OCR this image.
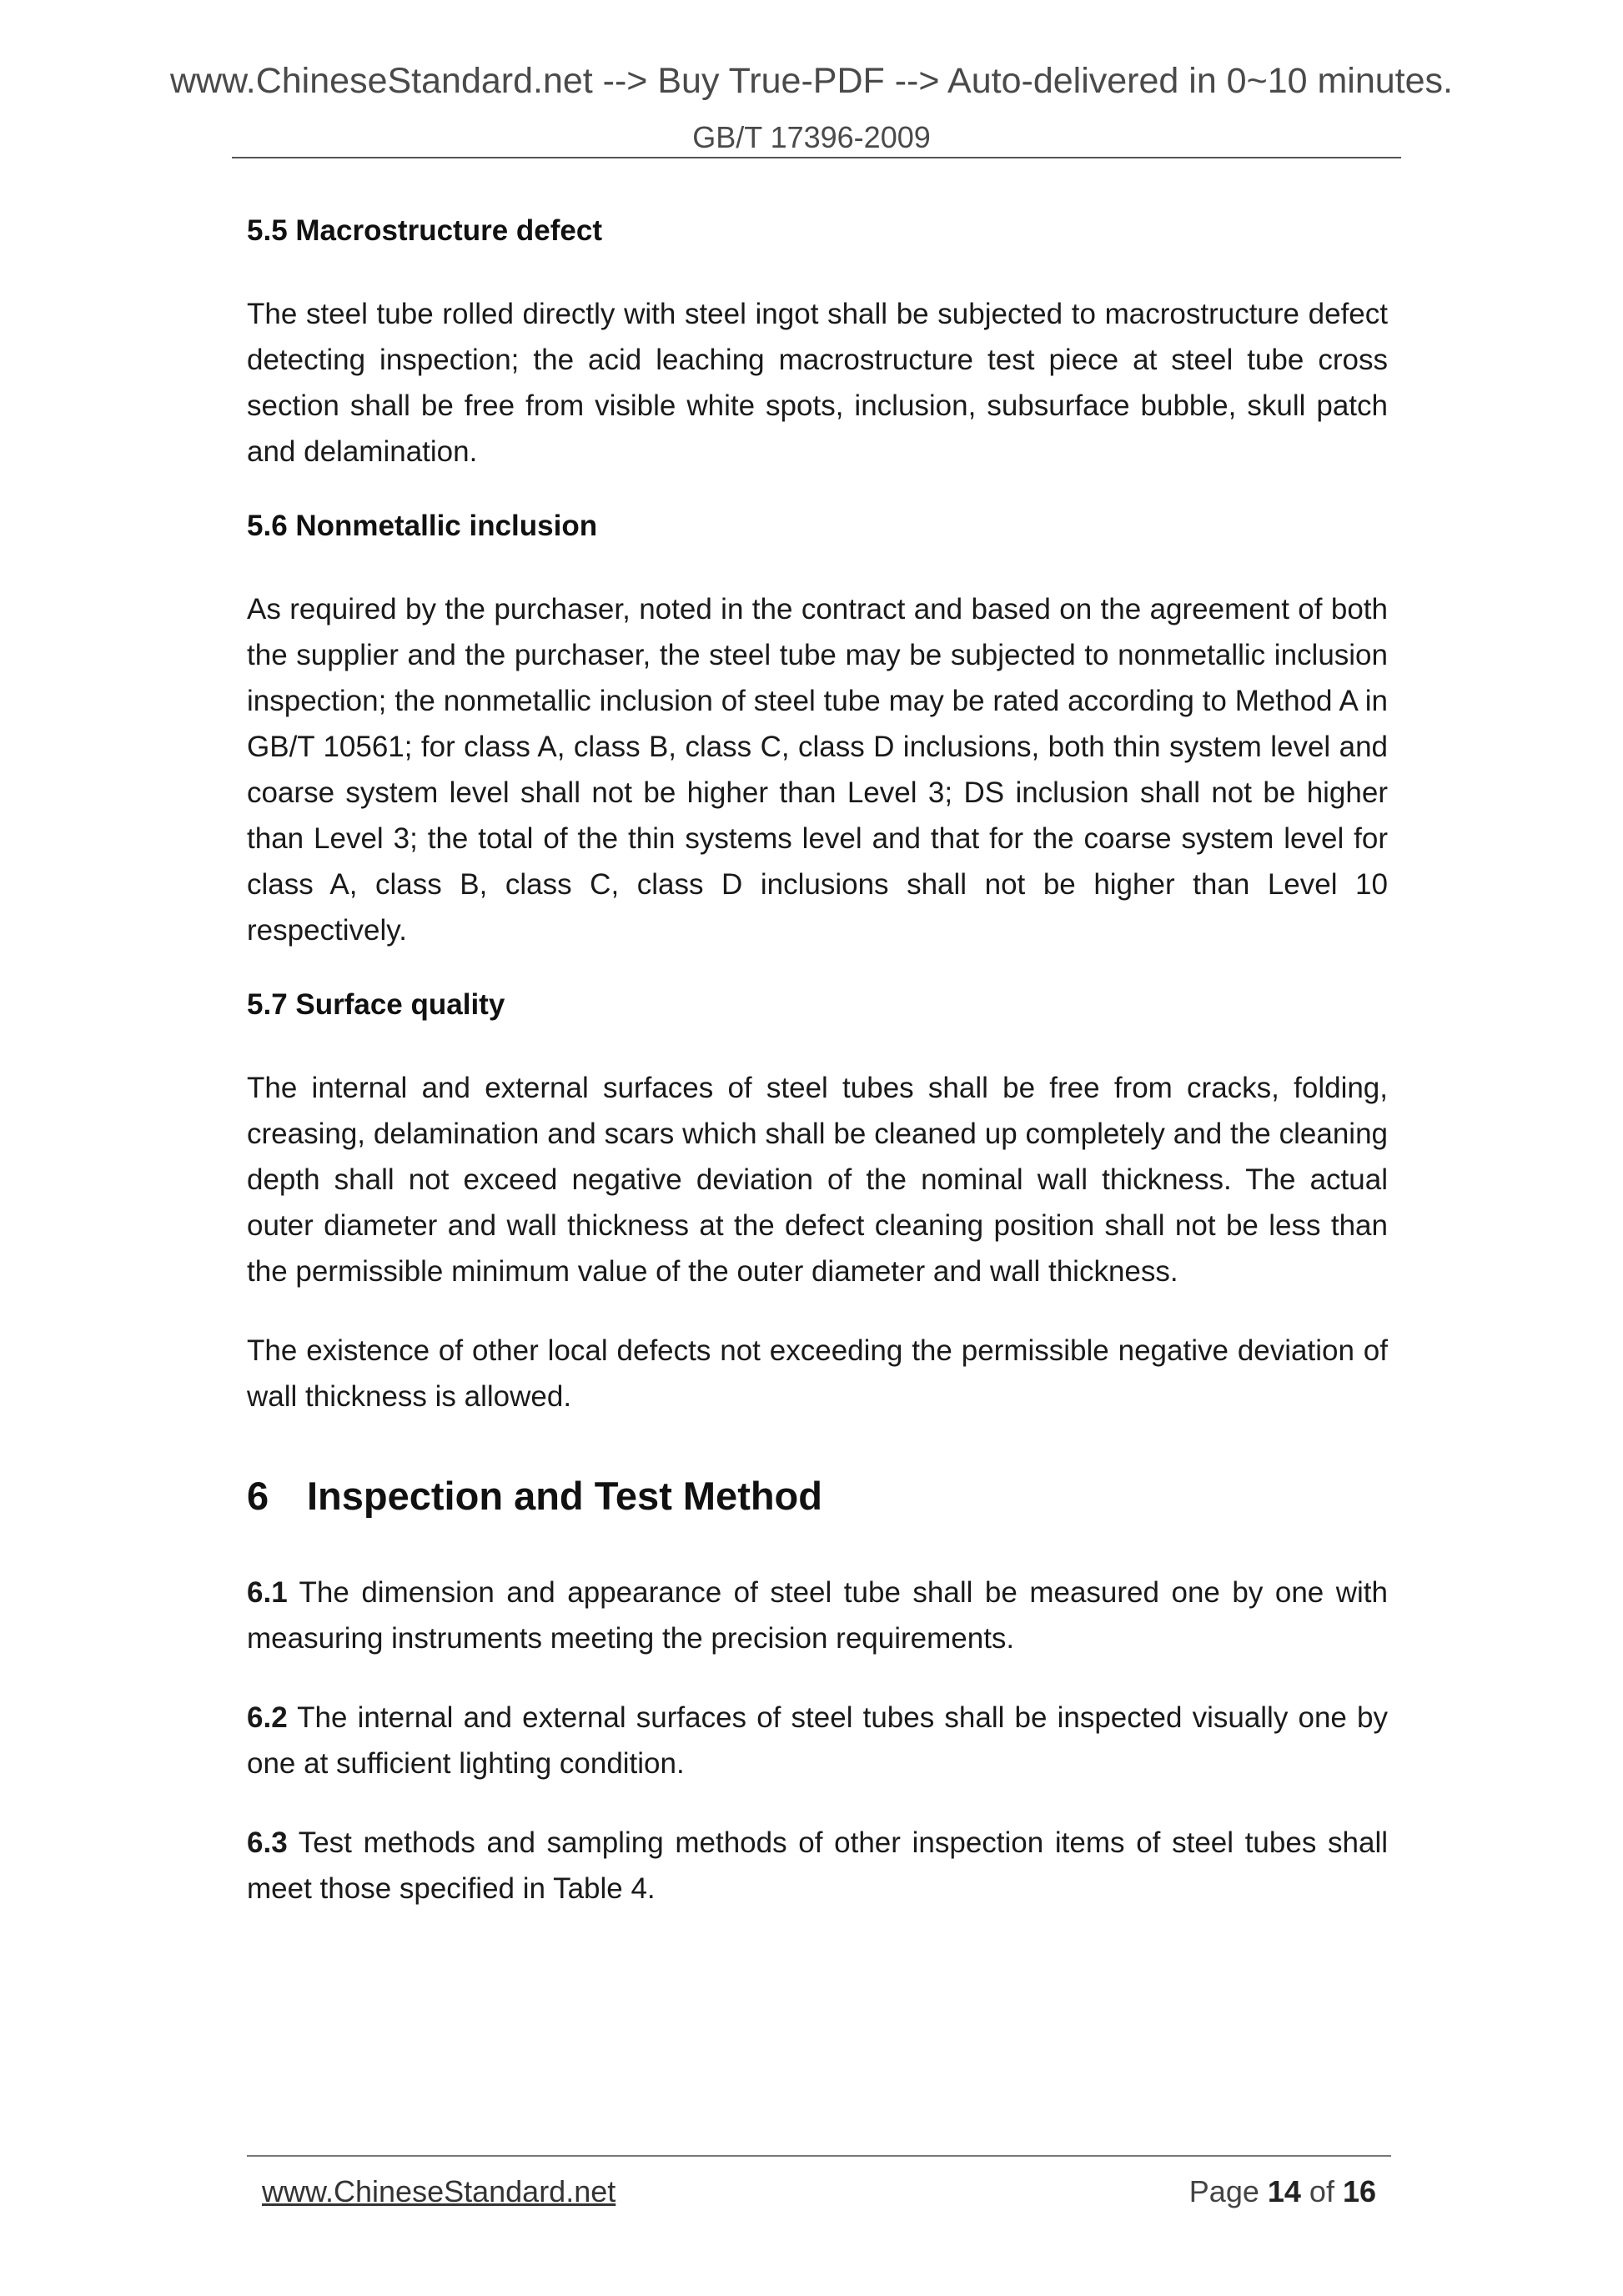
www.ChineseStandard.net --> Buy True-PDF --> Auto-delivered in 0~10 minutes.
GB/T 17396-2009
5.5 Macrostructure defect

The steel tube rolled directly with steel ingot shall be subjected to macrostructure defect detecting inspection; the acid leaching macrostructure test piece at steel tube cross section shall be free from visible white spots, inclusion, subsurface bubble, skull patch and delamination.

5.6 Nonmetallic inclusion

As required by the purchaser, noted in the contract and based on the agreement of both the supplier and the purchaser, the steel tube may be subjected to nonmetallic inclusion inspection; the nonmetallic inclusion of steel tube may be rated according to Method A in GB/T 10561; for class A, class B, class C, class D inclusions, both thin system level and coarse system level shall not be higher than Level 3; DS inclusion shall not be higher than Level 3; the total of the thin systems level and that for the coarse system level for class A, class B, class C, class D inclusions shall not be higher than Level 10 respectively.

5.7 Surface quality

The internal and external surfaces of steel tubes shall be free from cracks, folding, creasing, delamination and scars which shall be cleaned up completely and the cleaning depth shall not exceed negative deviation of the nominal wall thickness. The actual outer diameter and wall thickness at the defect cleaning position shall not be less than the permissible minimum value of the outer diameter and wall thickness.

The existence of other local defects not exceeding the permissible negative deviation of wall thickness is allowed.

6 Inspection and Test Method

6.1 The dimension and appearance of steel tube shall be measured one by one with measuring instruments meeting the precision requirements.

6.2 The internal and external surfaces of steel tubes shall be inspected visually one by one at sufficient lighting condition.

6.3 Test methods and sampling methods of other inspection items of steel tubes shall meet those specified in Table 4.

www.ChineseStandard.net	Page 14 of 16
